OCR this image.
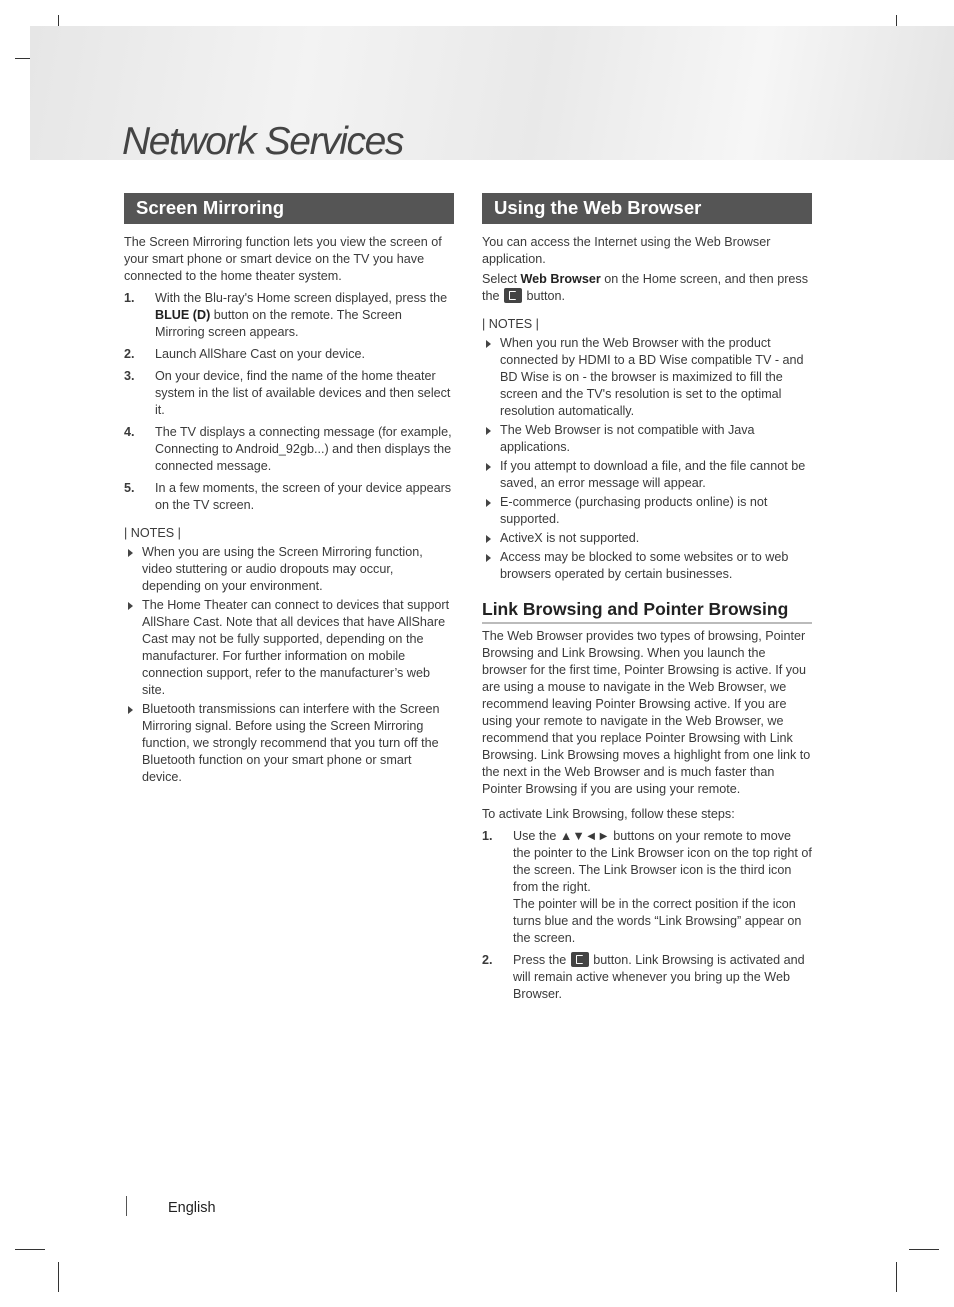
Network Services
Screen Mirroring

The Screen Mirroring function lets you view the screen of your smart phone or smart device on the TV you have connected to the home theater system.

1. With the Blu-ray's Home screen displayed, press the BLUE (D) button on the remote. The Screen Mirroring screen appears.
2. Launch AllShare Cast on your device.
3. On your device, find the name of the home theater system in the list of available devices and then select it.
4. The TV displays a connecting message (for example, Connecting to Android_92gb...) and then displays the connected message.
5. In a few moments, the screen of your device appears on the TV screen.
| NOTES |
When you are using the Screen Mirroring function, video stuttering or audio dropouts may occur, depending on your environment.
The Home Theater can connect to devices that support AllShare Cast. Note that all devices that have AllShare Cast may not be fully supported, depending on the manufacturer. For further information on mobile connection support, refer to the manufacturer’s web site.
Bluetooth transmissions can interfere with the Screen Mirroring signal. Before using the Screen Mirroring function, we strongly recommend that you turn off the Bluetooth function on your smart phone or smart device.
Using the Web Browser

You can access the Internet using the Web Browser application.

Select Web Browser on the Home screen, and then press the  button.

| NOTES |
When you run the Web Browser with the product connected by HDMI to a BD Wise compatible TV - and BD Wise is on - the browser is maximized to fill the screen and the TV's resolution is set to the optimal resolution automatically.
The Web Browser is not compatible with Java applications.
If you attempt to download a file, and the file cannot be saved, an error message will appear.
E-commerce (purchasing products online) is not supported.
ActiveX is not supported.
Access may be blocked to some websites or to web browsers operated by certain businesses.
Link Browsing and Pointer Browsing

The Web Browser provides two types of browsing, Pointer Browsing and Link Browsing. When you launch the browser for the first time, Pointer Browsing is active. If you are using a mouse to navigate in the Web Browser, we recommend leaving Pointer Browsing active. If you are using your remote to navigate in the Web Browser, we recommend that you replace Pointer Browsing with Link Browsing. Link Browsing moves a highlight from one link to the next in the Web Browser and is much faster than Pointer Browsing if you are using your remote.

To activate Link Browsing, follow these steps:

1. Use the ▲▼◄► buttons on your remote to move the pointer to the Link Browser icon on the top right of the screen. The Link Browser icon is the third icon from the right.
The pointer will be in the correct position if the icon turns blue and the words “Link Browsing” appear on the screen.
2. Press the  button. Link Browsing is activated and will remain active whenever you bring up the Web Browser.
English
